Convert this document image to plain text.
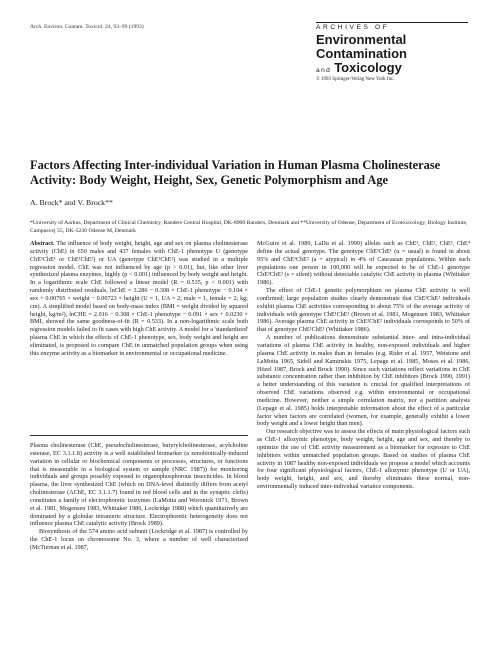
Arch. Environ. Contam. Toxicol. 24, 93–99 (1993)	ARCHIVES OF
Environmental
Contamination
and Toxicology
© 1993 Springer-Verlag New York Inc.
Factors Affecting Inter-individual Variation in Human Plasma Cholinesterase Activity: Body Weight, Height, Sex, Genetic Polymorphism and Age
A. Brock* and V. Brock**
*University of Aarhus, Department of Clinical Chemistry, Randers Central Hospital, DK-8900 Randers, Denmark and **University of Odense, Department of Ecotoxicology, Biology Institute, Campusvej 55, DK-5230 Odense M, Denmark

Abstract. The influence of body weight, height, age and sex on plasma cholinesterase activity (ChE) in 650 males and 437 females with ChE-1 phenotype U (genotype ChE¹ChE¹ or ChE¹ChE²) or UA (genotype ChE¹ChE²) was studied in a multiple regression model. ChE was not influenced by age (p > 0.01), but, like other liver synthesized plasma enzymes, highly (p < 0.001) influenced by body weight and height. In a logarithmic scale ChE followed a linear model (R = 0.535, p < 0.001) with randomly distributed residuals, lnChE = 3.286 − 0.308 × ChE-1 phenotype − 0.104 × sex + 0.00765 × weight − 0.00723 × height (U = 1, UA = 2; male = 1, female = 2; kg; cm). A simplified model based on body-mass index (BMI = weight divided by squared height, kg/m²), lnCHE = 2.016 − 0.308 × ChE-1 phenotype − 0.091 × sex + 0.0230 × BMI, showed the same goodness-of-fit (R = 0.533). In a non-logarithmic scale both regression models failed to fit cases with high ChE activity. A model for a 'standardized' plasma ChE in which the effects of ChE-1 phenotype, sex, body weight and height are eliminated, is proposed to compare ChE in unmatched population groups when using this enzyme activity as a biomarker in environmental or occupational medicine.

Plasma cholinesterase (ChE, pseudocholinesterase, butyrylcholinesterase, acylcholine esterase, EC 3.1.1.8) activity is a well established biomarker (a xenobiotically-induced variation in cellular or biochemical components or processes, structures, or functions that is measurable in a biological system or sample (NRC 1987)) for monitoring individuals and groups possibly exposed to organophosphorous insecticides. In blood plasma, the liver synthesized ChE (which on DNA-level distinctly differs from acetyl cholinesterase (AChE, EC 3.1.1.7) found in red blood cells and in the synaptic clefts) constitutes a family of electrophoretic isozymes (LaMotta and Woronick 1971, Brown et al. 1981, Mogensen 1983, Whittaker 1986, Lockridge 1988) which quantitatively are dominated by a globular tetrameric structure. Electrophoretic heterogeneity does not influence plasma ChE catalytic activity (Brock 1989).

Biosynthesis of the 574 amino acid subunit (Lockridge et al. 1987) is controlled by the ChE-1 locus on chromosome No. 3, where a number of well characterized (McTiernan et al. 1987,

McGuire et al. 1989, LaDu et al. 1990) alleles such as ChE¹, ChE², ChE³, ChE⁴ define the actual genotype. The genotype ChE¹ChE¹ (u = usual) is found in about 95% and ChE¹ChE² (a = atypical) in 4% of Caucasian populations. Within such populations one person in 100,000 will be expected to be of ChE-1 genotype ChE³ChE³ (s = silent) without detectable catalytic ChE activity in plasma (Whittaker 1986).

The effect of ChE-1 genetic polymorphism on plasma ChE activity is well confirmed; large population studies clearly demonstrate that ChE¹ChE² individuals exhibit plasma ChE activities corresponding to about 75% of the average activity of individuals with genotype ChE¹ChE¹ (Brown et al. 1981, Mogensen 1983, Whittaker 1986). Average plasma ChE activity in ChE²ChE² individuals corresponds to 50% of that of genotype ChE¹ChE¹ (Whittaker 1986).

A number of publications demonstrate substantial inter- and intra-individual variations of plasma ChE activity in healthy, non-exposed individuals and higher plasma ChE activity in males than in females (e.g. Rider et al. 1957, Wetstone and LaMotta 1965, Sidell and Kaminskis 1975, Lepage et al. 1985, Moses et al. 1986, Hözel 1987, Brock and Brock 1990). Since such variations reflect variations in ChE substance concentration rather than inhibition by ChE inhibitors (Brock 1990, 1991) a better understanding of this variation is crucial for qualified interpretations of observed ChE variations observed e.g. within environmental or occupational medicine. However, neither a simple correlation matrix, nor a partition analysis (Lepage et al. 1985) holds interpretable information about the effect of a particular factor when factors are correlated (women, for example, generally exhibit a lower body weight and a lower height than men).

Our research objective was to assess the effects of main physiological factors such as ChE-1 allozymic phenotype, body weight, height, age and sex, and thereby to optimize the use of ChE activity measurement as a biomarker for exposure to ChE inhibitors within unmatched population groups. Based on studies of plasma ChE activity in 1087 healthy non-exposed individuals we propose a model which accounts for four significant physiological factors, ChE-1 allozymic phenotype (U or UA), body weight, height, and sex, and thereby eliminates these normal, non-environmentally induced inter-individual variance components.
